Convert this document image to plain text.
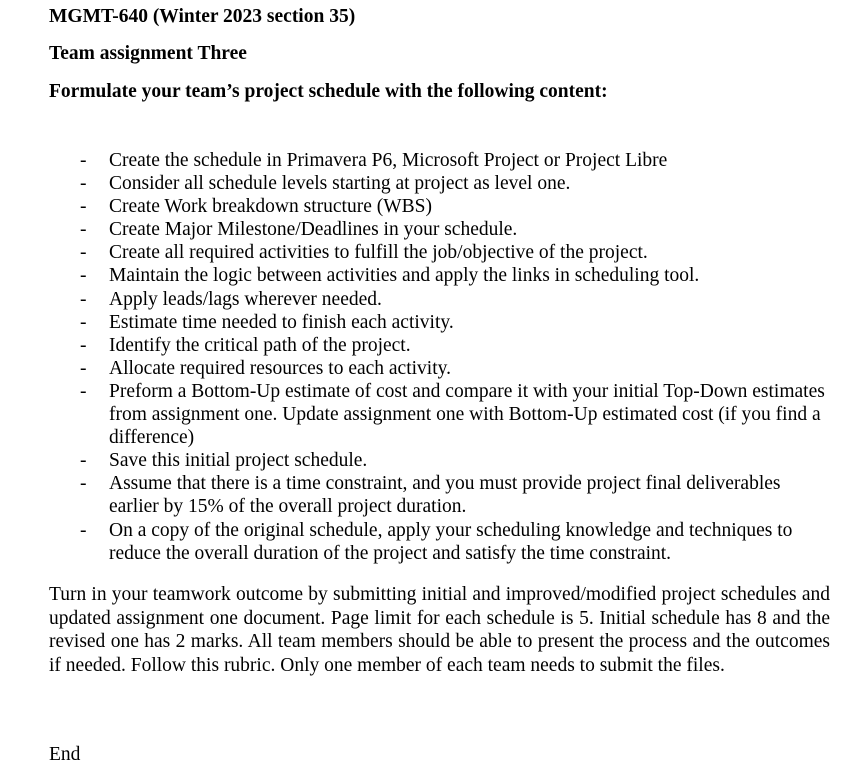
MGMT-640 (Winter 2023 section 35)
Team assignment Three
Formulate your team’s project schedule with the following content:
- Create the schedule in Primavera P6, Microsoft Project or Project Libre
- Consider all schedule levels starting at project as level one.
- Create Work breakdown structure (WBS)
- Create Major Milestone/Deadlines in your schedule.
- Create all required activities to fulfill the job/objective of the project.
- Maintain the logic between activities and apply the links in scheduling tool.
- Apply leads/lags wherever needed.
- Estimate time needed to finish each activity.
- Identify the critical path of the project.
- Allocate required resources to each activity.
- Preform a Bottom-Up estimate of cost and compare it with your initial Top-Down estimates from assignment one. Update assignment one with Bottom-Up estimated cost (if you find a difference)
- Save this initial project schedule.
- Assume that there is a time constraint, and you must provide project final deliverables earlier by 15% of the overall project duration.
- On a copy of the original schedule, apply your scheduling knowledge and techniques to reduce the overall duration of the project and satisfy the time constraint.

Turn in your teamwork outcome by submitting initial and improved/modified project schedules and updated assignment one document. Page limit for each schedule is 5. Initial schedule has 8 and the revised one has 2 marks. All team members should be able to present the process and the outcomes if needed. Follow this rubric. Only one member of each team needs to submit the files.

End
